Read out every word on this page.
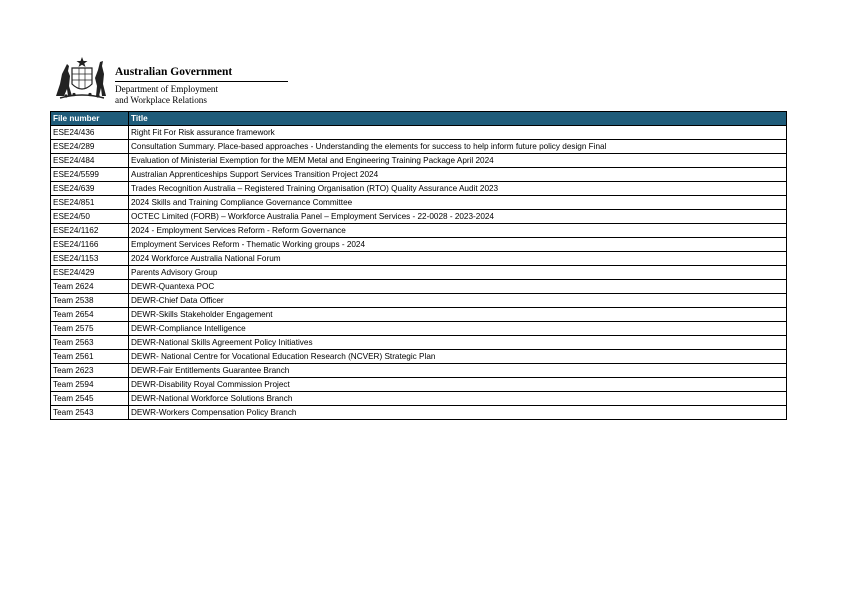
Australian Government
Department of Employment
and Workplace Relations
File number	Title
ESE24/436	Right Fit For Risk assurance framework
ESE24/289	Consultation Summary. Place-based approaches - Understanding the elements for success to help inform future policy design Final
ESE24/484	Evaluation of Ministerial Exemption for the MEM Metal and Engineering Training Package April 2024
ESE24/5599	Australian Apprenticeships Support Services Transition Project 2024
ESE24/639	Trades Recognition Australia – Registered Training Organisation (RTO) Quality Assurance Audit 2023
ESE24/851	2024 Skills and Training Compliance Governance Committee
ESE24/50	OCTEC Limited (FORB) – Workforce Australia Panel – Employment Services - 22-0028 - 2023-2024
ESE24/1162	2024 - Employment Services Reform - Reform Governance
ESE24/1166	Employment Services Reform - Thematic Working groups - 2024
ESE24/1153	2024 Workforce Australia National Forum
ESE24/429	Parents Advisory Group
Team 2624	DEWR-Quantexa POC
Team 2538	DEWR-Chief Data Officer
Team 2654	DEWR-Skills Stakeholder Engagement
Team 2575	DEWR-Compliance Intelligence
Team 2563	DEWR-National Skills Agreement Policy Initiatives
Team 2561	DEWR- National Centre for Vocational Education Research (NCVER) Strategic Plan
Team 2623	DEWR-Fair Entitlements Guarantee Branch
Team 2594	DEWR-Disability Royal Commission Project
Team 2545	DEWR-National Workforce Solutions Branch
Team 2543	DEWR-Workers Compensation Policy Branch
